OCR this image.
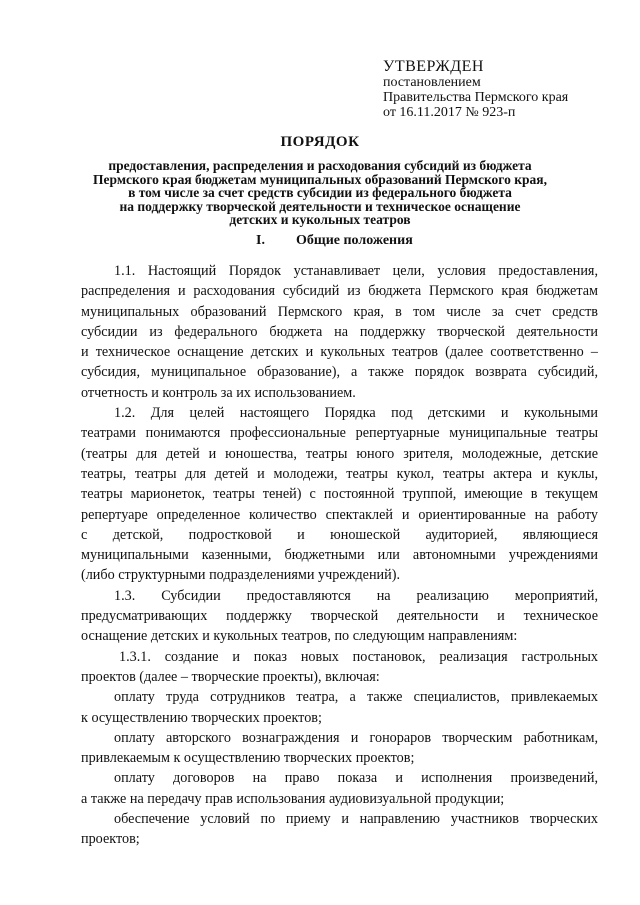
УТВЕРЖДЕН
постановлением
Правительства Пермского края
от 16.11.2017 № 923-п
ПОРЯДОК
предоставления, распределения и расходования субсидий из бюджета
Пермского края бюджетам муниципальных образований Пермского края,
в том числе за счет средств субсидии из федерального бюджета
на поддержку творческой деятельности и техническое оснащение
детских и кукольных театров
I. Общие положения
1.1. Настоящий Порядок устанавливает цели, условия предоставления,
распределения и расходования субсидий из бюджета Пермского края бюджетам
муниципальных образований Пермского края, в том числе за счет средств
субсидии из федерального бюджета на поддержку творческой деятельности
и техническое оснащение детских и кукольных театров (далее соответственно –
субсидия, муниципальное образование), а также порядок возврата субсидий,
отчетность и контроль за их использованием.
1.2. Для целей настоящего Порядка под детскими и кукольными
театрами понимаются профессиональные репертуарные муниципальные театры
(театры для детей и юношества, театры юного зрителя, молодежные, детские
театры, театры для детей и молодежи, театры кукол, театры актера и куклы,
театры марионеток, театры теней) с постоянной труппой, имеющие в текущем
репертуаре определенное количество спектаклей и ориентированные на работу
с детской, подростковой и юношеской аудиторией, являющиеся
муниципальными казенными, бюджетными или автономными учреждениями
(либо структурными подразделениями учреждений).
1.3. Субсидии предоставляются на реализацию мероприятий,
предусматривающих поддержку творческой деятельности и техническое
оснащение детских и кукольных театров, по следующим направлениям:
1.3.1. создание и показ новых постановок, реализация гастрольных
проектов (далее – творческие проекты), включая:
оплату труда сотрудников театра, а также специалистов, привлекаемых
к осуществлению творческих проектов;
оплату авторского вознаграждения и гонораров творческим работникам,
привлекаемым к осуществлению творческих проектов;
оплату договоров на право показа и исполнения произведений,
а также на передачу прав использования аудиовизуальной продукции;
обеспечение условий по приему и направлению участников творческих
проектов;
